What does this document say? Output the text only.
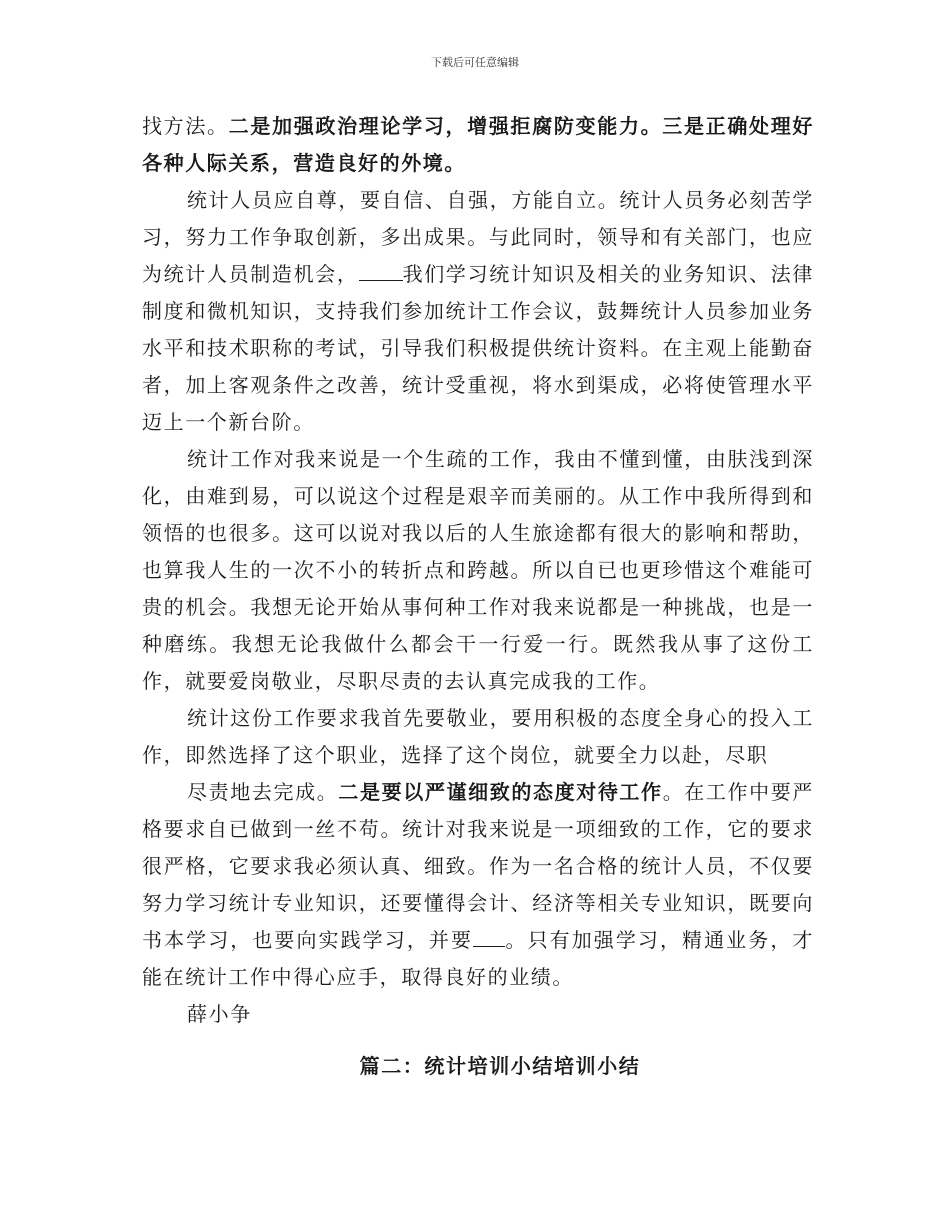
下载后可任意编辑

找方法。二是加强政治理论学习，增强拒腐防变能力。三是正确处理好各种人际关系，营造良好的外境。

统计人员应自尊，要自信、自强，方能自立。统计人员务必刻苦学习，努力工作争取创新，多出成果。与此同时，领导和有关部门，也应为统计人员制造机会， 我们学习统计知识及相关的业务知识、法律制度和微机知识，支持我们参加统计工作会议，鼓舞统计人员参加业务水平和技术职称的考试，引导我们积极提供统计资料。在主观上能勤奋者，加上客观条件之改善，统计受重视，将水到渠成，必将使管理水平迈上一个新台阶。

统计工作对我来说是一个生疏的工作，我由不懂到懂，由肤浅到深化，由难到易，可以说这个过程是艰辛而美丽的。从工作中我所得到和领悟的也很多。这可以说对我以后的人生旅途都有很大的影响和帮助，也算我人生的一次不小的转折点和跨越。所以自已也更珍惜这个难能可贵的机会。我想无论开始从事何种工作对我来说都是一种挑战，也是一种磨练。我想无论我做什么都会干一行爱一行。既然我从事了这份工作，就要爱岗敬业，尽职尽责的去认真完成我的工作。

统计这份工作要求我首先要敬业，要用积极的态度全身心的投入工作，即然选择了这个职业，选择了这个岗位，就要全力以赴，尽职

尽责地去完成。二是要以严谨细致的态度对待工作。在工作中要严格要求自已做到一丝不苟。统计对我来说是一项细致的工作，它的要求很严格，它要求我必须认真、细致。作为一名合格的统计人员，不仅要努力学习统计专业知识，还要懂得会计、经济等相关专业知识，既要向书本学习，也要向实践学习，并要 。只有加强学习，精通业务，才能在统计工作中得心应手，取得良好的业绩。

薛小争

篇二：统计培训小结培训小结
